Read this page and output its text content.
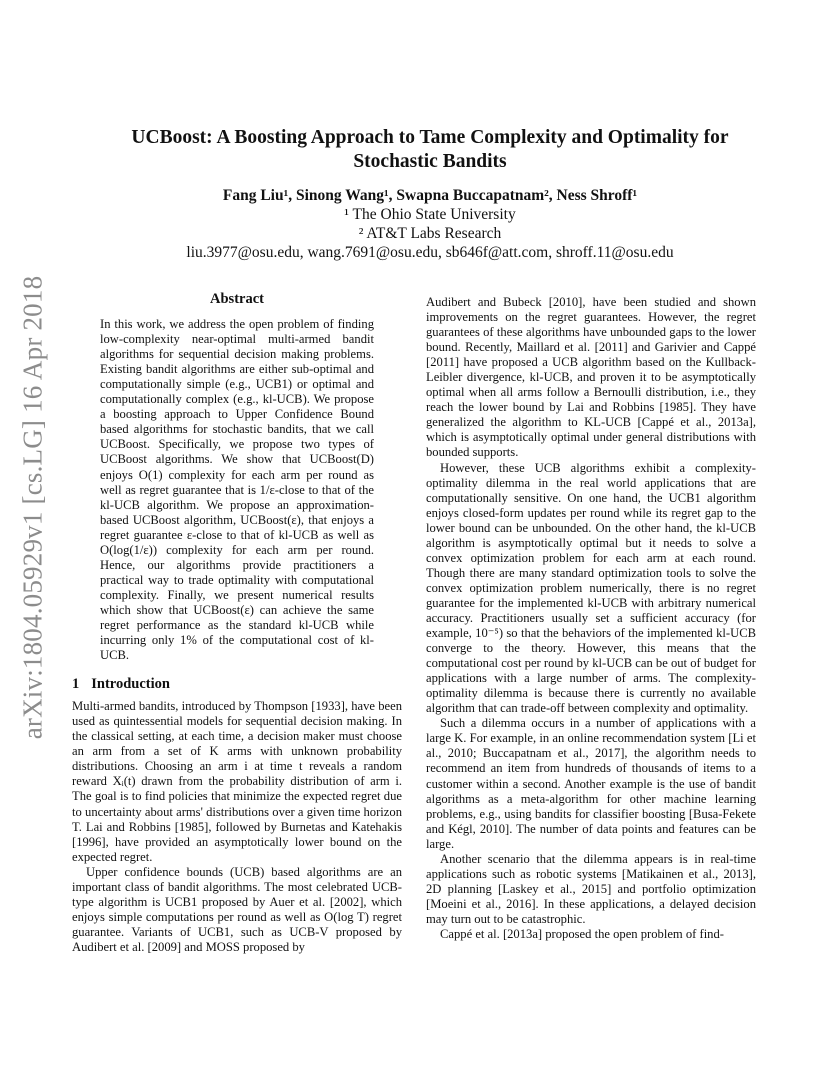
arXiv:1804.05929v1 [cs.LG] 16 Apr 2018
UCBoost: A Boosting Approach to Tame Complexity and Optimality for Stochastic Bandits
Fang Liu¹, Sinong Wang¹, Swapna Buccapatnam², Ness Shroff¹
¹ The Ohio State University
² AT&T Labs Research
liu.3977@osu.edu, wang.7691@osu.edu, sb646f@att.com, shroff.11@osu.edu
Abstract

In this work, we address the open problem of finding low-complexity near-optimal multi-armed bandit algorithms for sequential decision making problems. Existing bandit algorithms are either sub-optimal and computationally simple (e.g., UCB1) or optimal and computationally complex (e.g., kl-UCB). We propose a boosting approach to Upper Confidence Bound based algorithms for stochastic bandits, that we call UCBoost. Specifically, we propose two types of UCBoost algorithms. We show that UCBoost(D) enjoys O(1) complexity for each arm per round as well as regret guarantee that is 1/ε-close to that of the kl-UCB algorithm. We propose an approximation-based UCBoost algorithm, UCBoost(ε), that enjoys a regret guarantee ε-close to that of kl-UCB as well as O(log(1/ε)) complexity for each arm per round. Hence, our algorithms provide practitioners a practical way to trade optimality with computational complexity. Finally, we present numerical results which show that UCBoost(ε) can achieve the same regret performance as the standard kl-UCB while incurring only 1% of the computational cost of kl-UCB.

1 Introduction

Multi-armed bandits, introduced by Thompson [1933], have been used as quintessential models for sequential decision making. In the classical setting, at each time, a decision maker must choose an arm from a set of K arms with unknown probability distributions. Choosing an arm i at time t reveals a random reward Xᵢ(t) drawn from the probability distribution of arm i. The goal is to find policies that minimize the expected regret due to uncertainty about arms' distributions over a given time horizon T. Lai and Robbins [1985], followed by Burnetas and Katehakis [1996], have provided an asymptotically lower bound on the expected regret.

Upper confidence bounds (UCB) based algorithms are an important class of bandit algorithms. The most celebrated UCB-type algorithm is UCB1 proposed by Auer et al. [2002], which enjoys simple computations per round as well as O(log T) regret guarantee. Variants of UCB1, such as UCB-V proposed by Audibert et al. [2009] and MOSS proposed by

Audibert and Bubeck [2010], have been studied and shown improvements on the regret guarantees. However, the regret guarantees of these algorithms have unbounded gaps to the lower bound. Recently, Maillard et al. [2011] and Garivier and Cappé [2011] have proposed a UCB algorithm based on the Kullback-Leibler divergence, kl-UCB, and proven it to be asymptotically optimal when all arms follow a Bernoulli distribution, i.e., they reach the lower bound by Lai and Robbins [1985]. They have generalized the algorithm to KL-UCB [Cappé et al., 2013a], which is asymptotically optimal under general distributions with bounded supports.

However, these UCB algorithms exhibit a complexity-optimality dilemma in the real world applications that are computationally sensitive. On one hand, the UCB1 algorithm enjoys closed-form updates per round while its regret gap to the lower bound can be unbounded. On the other hand, the kl-UCB algorithm is asymptotically optimal but it needs to solve a convex optimization problem for each arm at each round. Though there are many standard optimization tools to solve the convex optimization problem numerically, there is no regret guarantee for the implemented kl-UCB with arbitrary numerical accuracy. Practitioners usually set a sufficient accuracy (for example, 10⁻⁵) so that the behaviors of the implemented kl-UCB converge to the theory. However, this means that the computational cost per round by kl-UCB can be out of budget for applications with a large number of arms. The complexity-optimality dilemma is because there is currently no available algorithm that can trade-off between complexity and optimality.

Such a dilemma occurs in a number of applications with a large K. For example, in an online recommendation system [Li et al., 2010; Buccapatnam et al., 2017], the algorithm needs to recommend an item from hundreds of thousands of items to a customer within a second. Another example is the use of bandit algorithms as a meta-algorithm for other machine learning problems, e.g., using bandits for classifier boosting [Busa-Fekete and Kégl, 2010]. The number of data points and features can be large.

Another scenario that the dilemma appears is in real-time applications such as robotic systems [Matikainen et al., 2013], 2D planning [Laskey et al., 2015] and portfolio optimization [Moeini et al., 2016]. In these applications, a delayed decision may turn out to be catastrophic.

Cappé et al. [2013a] proposed the open problem of find-
